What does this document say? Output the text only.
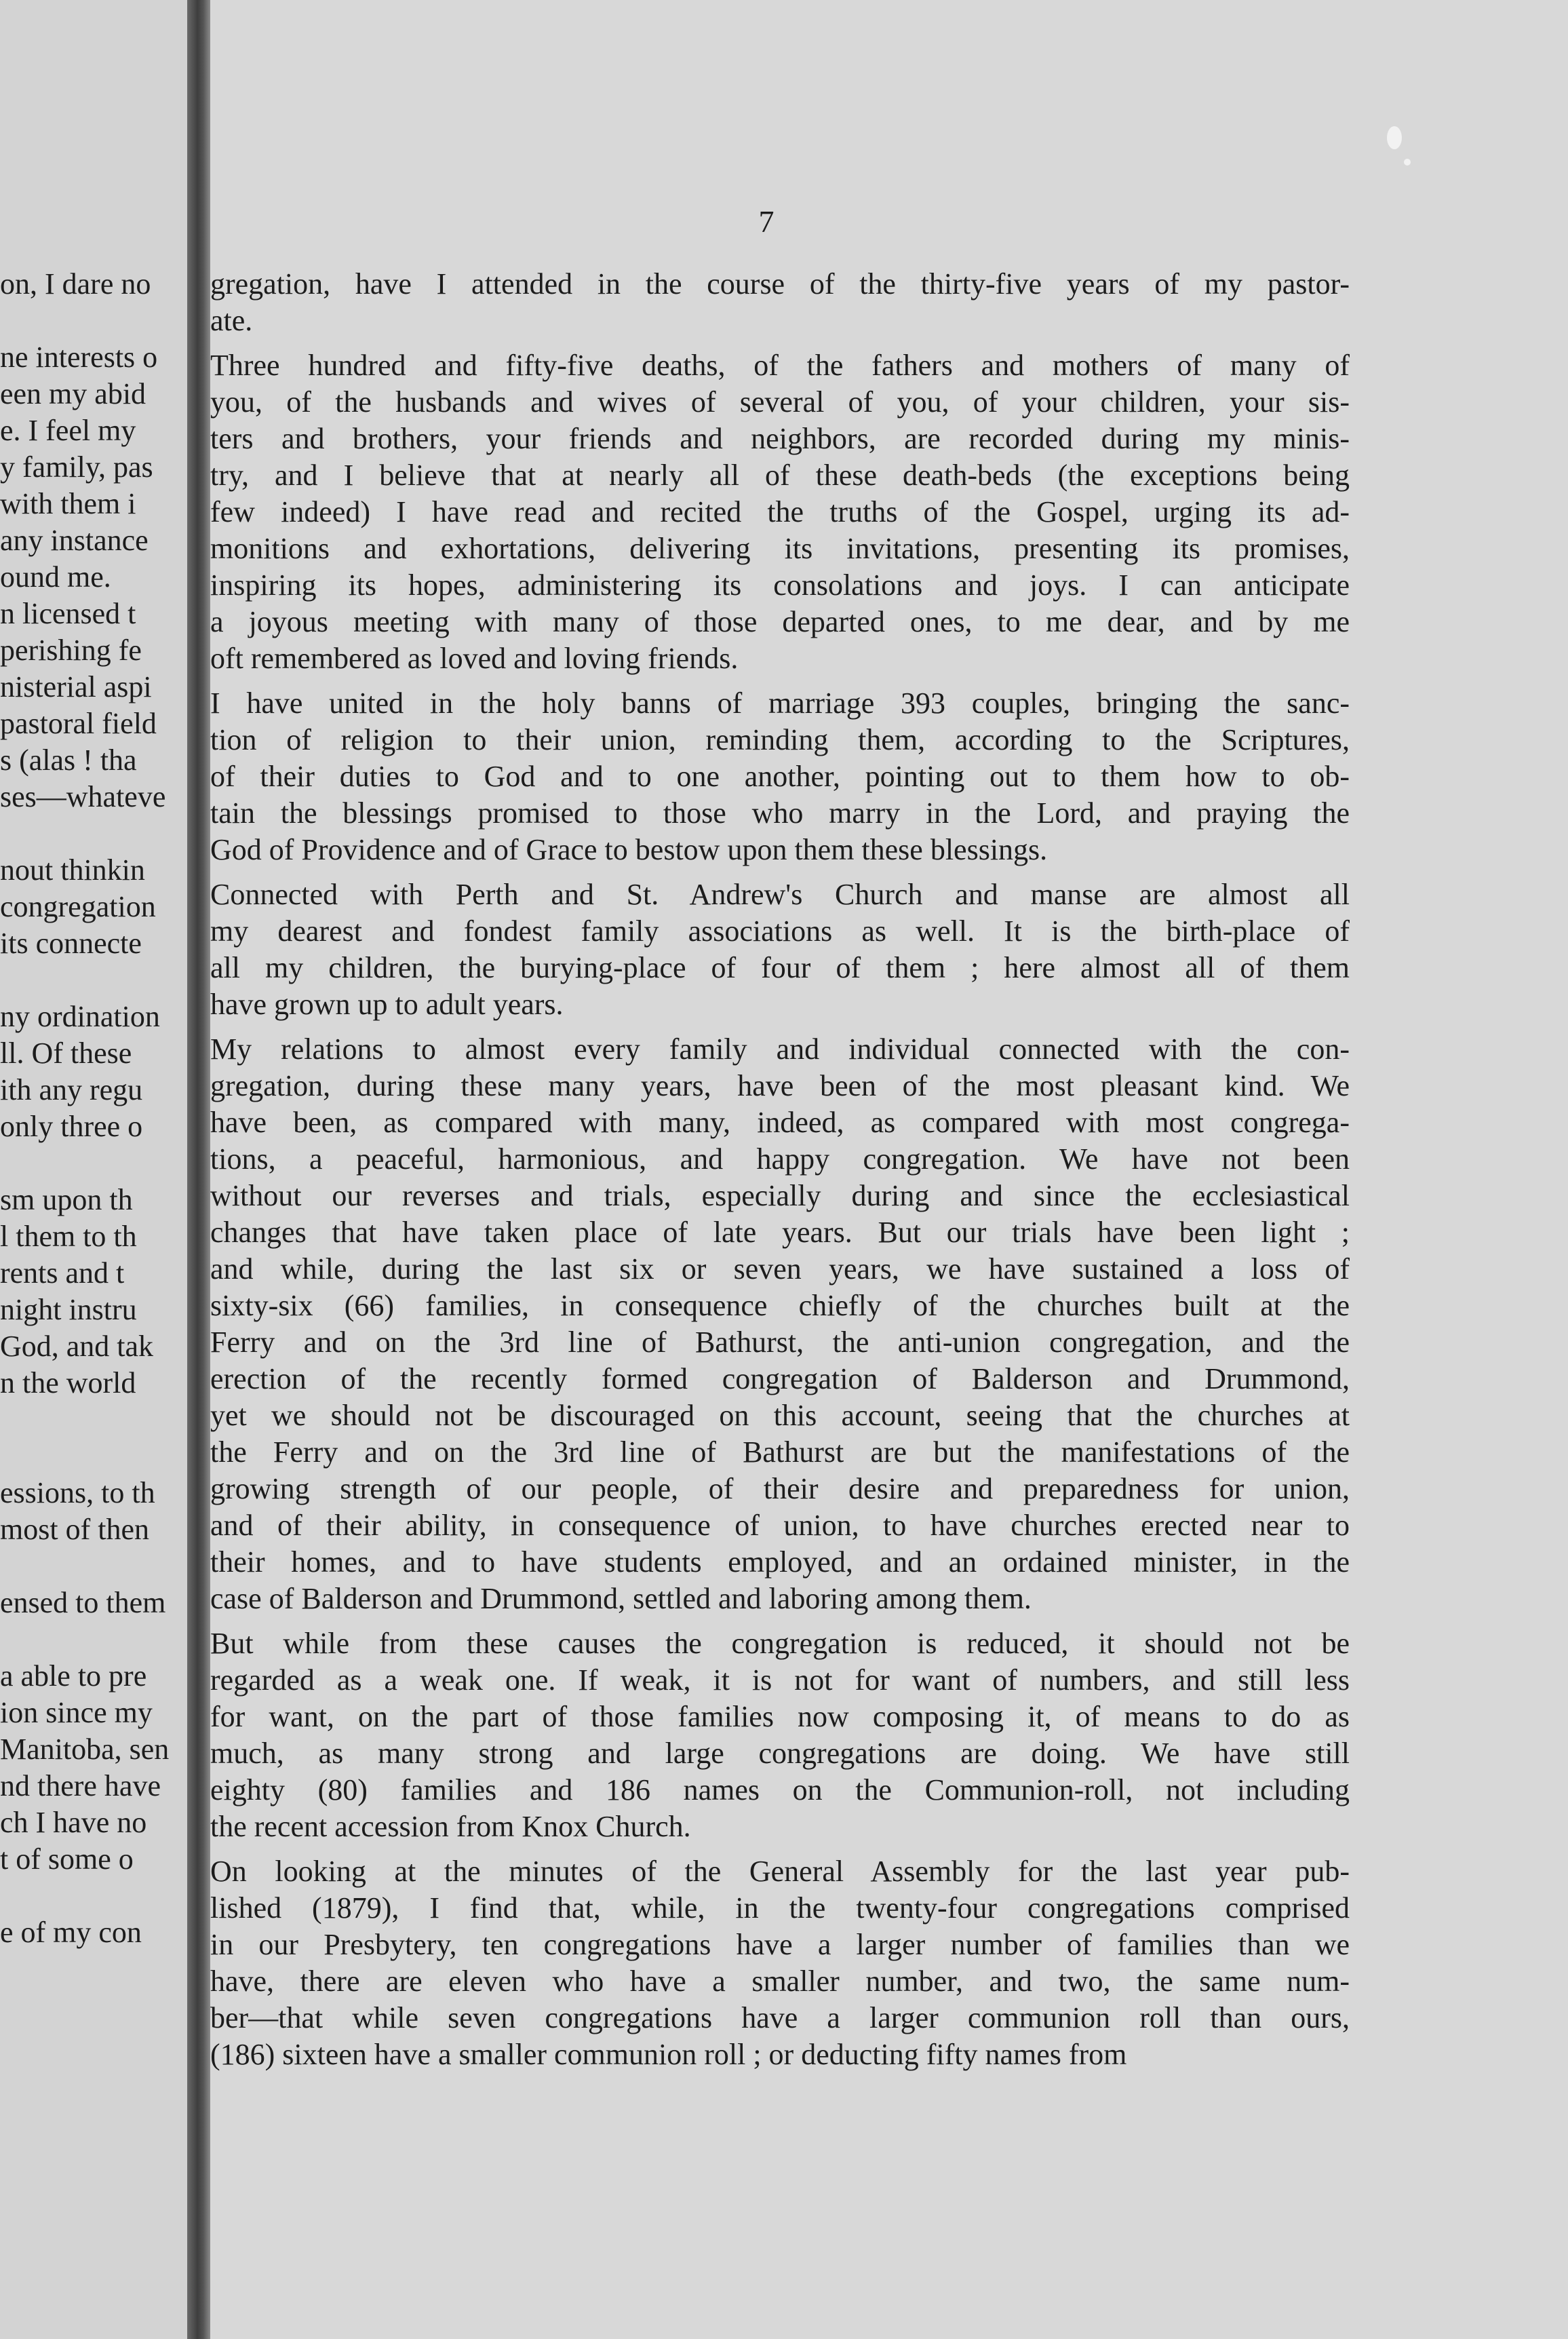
on, I dare no
ne interests o
een my abid
e. I feel my
y family, pas
with them i
any instance
ound me.
n licensed t
perishing fe
nisterial aspi
pastoral field
s (alas ! tha
ses—whateve
nout thinkin
congregation
its connecte
ny ordination
ll. Of these
ith any regu
only three o
sm upon th
l them to th
rents and t
night instru
God, and tak
n the world
essions, to th
most of then
ensed to them
a able to pre
ion since my
Manitoba, sen
nd there have
ch I have no
t of some o
e of my con
7
gregation, have I attended in the course of the thirty-five years of my pastor-
ate.
Three hundred and fifty-five deaths, of the fathers and mothers of many of
you, of the husbands and wives of several of you, of your children, your sis-
ters and brothers, your friends and neighbors, are recorded during my minis-
try, and I believe that at nearly all of these death-beds (the exceptions being
few indeed) I have read and recited the truths of the Gospel, urging its ad-
monitions and exhortations, delivering its invitations, presenting its promises,
inspiring its hopes, administering its consolations and joys. I can anticipate
a joyous meeting with many of those departed ones, to me dear, and by me
oft remembered as loved and loving friends.
I have united in the holy banns of marriage 393 couples, bringing the sanc-
tion of religion to their union, reminding them, according to the Scriptures,
of their duties to God and to one another, pointing out to them how to ob-
tain the blessings promised to those who marry in the Lord, and praying the
God of Providence and of Grace to bestow upon them these blessings.
Connected with Perth and St. Andrew's Church and manse are almost all
my dearest and fondest family associations as well. It is the birth-place of
all my children, the burying-place of four of them ; here almost all of them
have grown up to adult years.
My relations to almost every family and individual connected with the con-
gregation, during these many years, have been of the most pleasant kind. We
have been, as compared with many, indeed, as compared with most congrega-
tions, a peaceful, harmonious, and happy congregation. We have not been
without our reverses and trials, especially during and since the ecclesiastical
changes that have taken place of late years. But our trials have been light ;
and while, during the last six or seven years, we have sustained a loss of
sixty-six (66) families, in consequence chiefly of the churches built at the
Ferry and on the 3rd line of Bathurst, the anti-union congregation, and the
erection of the recently formed congregation of Balderson and Drummond,
yet we should not be discouraged on this account, seeing that the churches at
the Ferry and on the 3rd line of Bathurst are but the manifestations of the
growing strength of our people, of their desire and preparedness for union,
and of their ability, in consequence of union, to have churches erected near to
their homes, and to have students employed, and an ordained minister, in the
case of Balderson and Drummond, settled and laboring among them.
But while from these causes the congregation is reduced, it should not be
regarded as a weak one. If weak, it is not for want of numbers, and still less
for want, on the part of those families now composing it, of means to do as
much, as many strong and large congregations are doing. We have still
eighty (80) families and 186 names on the Communion-roll, not including
the recent accession from Knox Church.
On looking at the minutes of the General Assembly for the last year pub-
lished (1879), I find that, while, in the twenty-four congregations comprised
in our Presbytery, ten congregations have a larger number of families than we
have, there are eleven who have a smaller number, and two, the same num-
ber—that while seven congregations have a larger communion roll than ours,
(186) sixteen have a smaller communion roll ; or deducting fifty names from
